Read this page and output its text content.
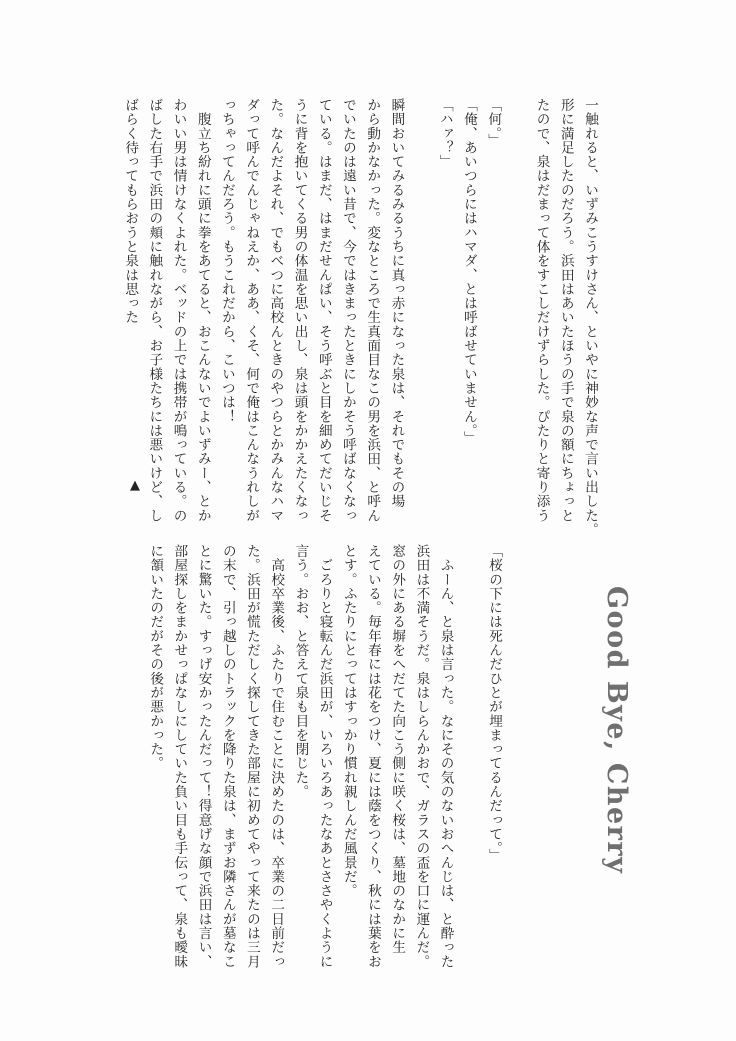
一触れると、いずみこうすけさん、といやに神妙な声で言い出した。

形に満足したのだろう。浜田はあいたほうの手で泉の額にちょっと

たので、泉はだまって体をすこしだけずらした。ぴたりと寄り添う

「何。」

「俺、あいつらにはハマダ、とは呼ばせていません。」

「ハァ？」

瞬間おいてみるみるうちに真っ赤になった泉は、それでもその場

から動かなかった。変なところで生真面目なこの男を浜田、と呼ん

でいたのは遠い昔で、今ではきまったときにしかそう呼ばなくなっ

ている。はまだ、はまだせんぱい、そう呼ぶと目を細めてだいじそ

うに背を抱いてくる男の体温を思い出し、泉は頭をかかえたくなっ

た。なんだよそれ、でもべつに高校んときのやつらとかみんなハマ

ダって呼んでんじゃねえか、ああ、くそ、何で俺はこんなうれしが

っちゃってんだろう。もうこれだから、こいつは！

　腹立ち紛れに頭に拳をあてると、おこんないでよいずみー、とか

わいい男は情けなくよれた。ベッドの上では携帯が鳴っている。の

ばした右手で浜田の頬に触れながら、お子様たちには悪いけど、し

ばらく待ってもらおうと泉は思った

▲
Good Bye, Cherry

「桜の下には死んだひとが埋まってるんだって。」

　ふーん、と泉は言った。なにその気のないおへんじは、と酔った

浜田は不満そうだ。泉はしらんかおで、ガラスの盃を口に運んだ。

窓の外にある塀をへだてた向こう側に咲く桜は、墓地のなかに生

えている。毎年春には花をつけ、夏には蔭をつくり、秋には葉をお

とす。ふたりにとってはすっかり慣れ親しんだ風景だ。

　ごろりと寝転んだ浜田が、いろいろあったなあとささやくように

言う。おお、と答えて泉も目を閉じた。

　高校卒業後、ふたりで住むことに決めたのは、卒業の二日前だっ

た。浜田が慌ただしく探してきた部屋に初めてやって来たのは三月

の末で、引っ越しのトラックを降りた泉は、まずお隣さんが墓なこ

とに驚いた。すっげ安かったんだって！得意げな顔で浜田は言い、

部屋探しをまかせっぱなしにしていた負い目も手伝って、泉も曖昧

に頷いたのだがその後が悪かった。
